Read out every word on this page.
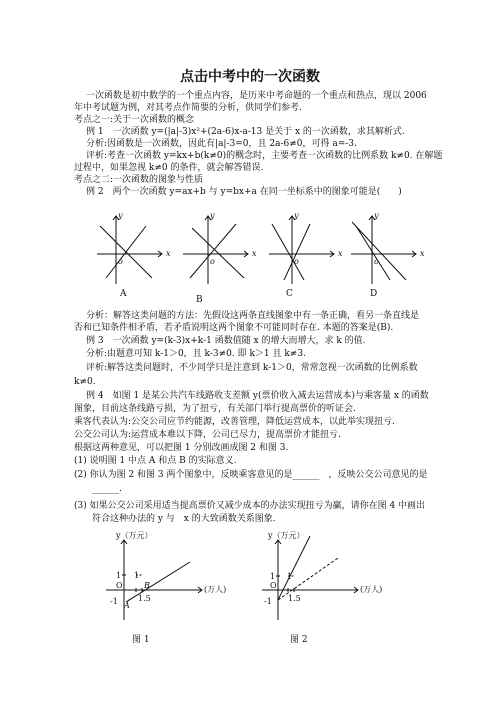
点击中考中的一次函数
一次函数是初中数学的一个重点内容，是历来中考命题的一个重点和热点，现以 2006
年中考试题为例，对其考点作简要的分析，供同学们参考.
考点之一:关于一次函数的概念
例 1　一次函数 y=(|a|-3)x²+(2a-6)x-a-13 是关于 x 的一次函数，求其解析式.
分析:因函数是一次函数，因此有|a|-3=0，且 2a-6≠0，可得 a=-3.
评析:考查一次函数 y=kx+b(k≠0)的概念时，主要考查一次函数的比例系数 k≠0. 在解题
过程中，如果忽视 k≠0 的条件，就会解答错误.
考点之二:一次函数的图象与性质
例 2　两个一次函数 y=ax+b 与 y=bx+a 在同一坐标系中的图象可能是(　　)
x
y
o
x
y
o
x
y
o
x
y
o
A
B
C	D
分析：解答这类问题的方法：先假设这两条直线图象中有一条正确，看另一条直线是
否和已知条件相矛盾，若矛盾说明这两个图象不可能同时存在. 本题的答案是(B).
例 3　一次函数 y=(k-3)x+k-1 函数值随 x 的增大而增大，求 k 的值.
分析:由题意可知 k-1＞0，且 k-3≠0. 即 k＞1 且 k≠3.
评析:解答这类问题时，不少同学只是注意到 k-1＞0，常常忽视一次函数的比例系数
k≠0.
例 4　如图 1 是某公共汽车线路收支差额 y(票价收入减去运营成本)与乘客量 x 的函数
图象，目前这条线路亏损，为了扭亏，有关部门举行提高票价的听证会.
乘客代表认为:公交公司应节约能源，改善管理，降低运营成本，以此举实现扭亏.
公交公司认为:运营成本难以下降，公司已尽力，提高票价才能扭亏.
根据这两种意见，可以把图 1 分别改画成图 2 和图 3.
(1) 说明图 1 中点 A 和点 B 的实际意义.
(2) 你认为图 2 和图 3 两个图象中，反映乘客意见的是______　，反映公交公司意见的是
______.
(3) 如果公交公司采用适当提高票价又减少成本的办法实现扭亏为赢，请你在图 4 中画出
符合这种办法的 y 与　x 的大致函数关系图象.
y（万元）
(万人)
1
1
-1	1.5
A
B
O
图 1
y（万元）
(万人)
1
1
-1 1.5
O
图 2
